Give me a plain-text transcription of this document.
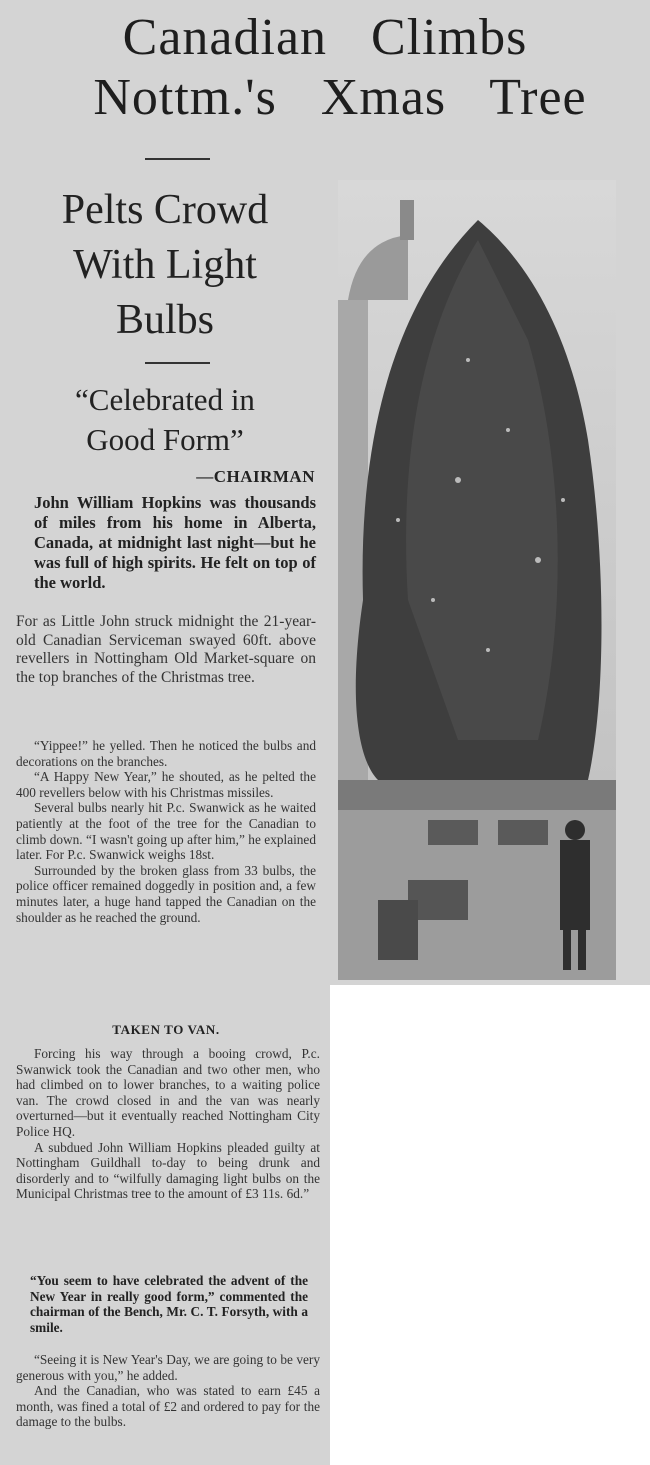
Canadian Climbs
Nottm.'s Xmas Tree
Pelts Crowd
With Light
Bulbs
“Celebrated in
Good Form”
—CHAIRMAN
John William Hopkins was thousands of miles from his home in Alberta, Canada, at midnight last night—but he was full of high spirits. He felt on top of the world.
For as Little John struck midnight the 21-year-old Canadian Serviceman swayed 60ft. above revellers in Nottingham Old Market-square on the top branches of the Christmas tree.

“Yippee!” he yelled. Then he noticed the bulbs and decorations on the branches.

“A Happy New Year,” he shouted, as he pelted the 400 revellers below with his Christmas missiles.

Several bulbs nearly hit P.c. Swanwick as he waited patiently at the foot of the tree for the Canadian to climb down. “I wasn't going up after him,” he explained later. For P.c. Swanwick weighs 18st.

Surrounded by the broken glass from 33 bulbs, the police officer remained doggedly in position and, a few minutes later, a huge hand tapped the Canadian on the shoulder as he reached the ground.

TAKEN TO VAN.

Forcing his way through a booing crowd, P.c. Swanwick took the Canadian and two other men, who had climbed on to lower branches, to a waiting police van. The crowd closed in and the van was nearly overturned—but it eventually reached Nottingham City Police HQ.

A subdued John William Hopkins pleaded guilty at Nottingham Guildhall to-day to being drunk and disorderly and to “wilfully damaging light bulbs on the Municipal Christmas tree to the amount of £3 11s. 6d.”

“You seem to have celebrated the advent of the New Year in really good form,” commented the chairman of the Bench, Mr. C. T. Forsyth, with a smile.

“Seeing it is New Year's Day, we are going to be very generous with you,” he added.

And the Canadian, who was stated to earn £45 a month, was fined a total of £2 and ordered to pay for the damage to the bulbs.
